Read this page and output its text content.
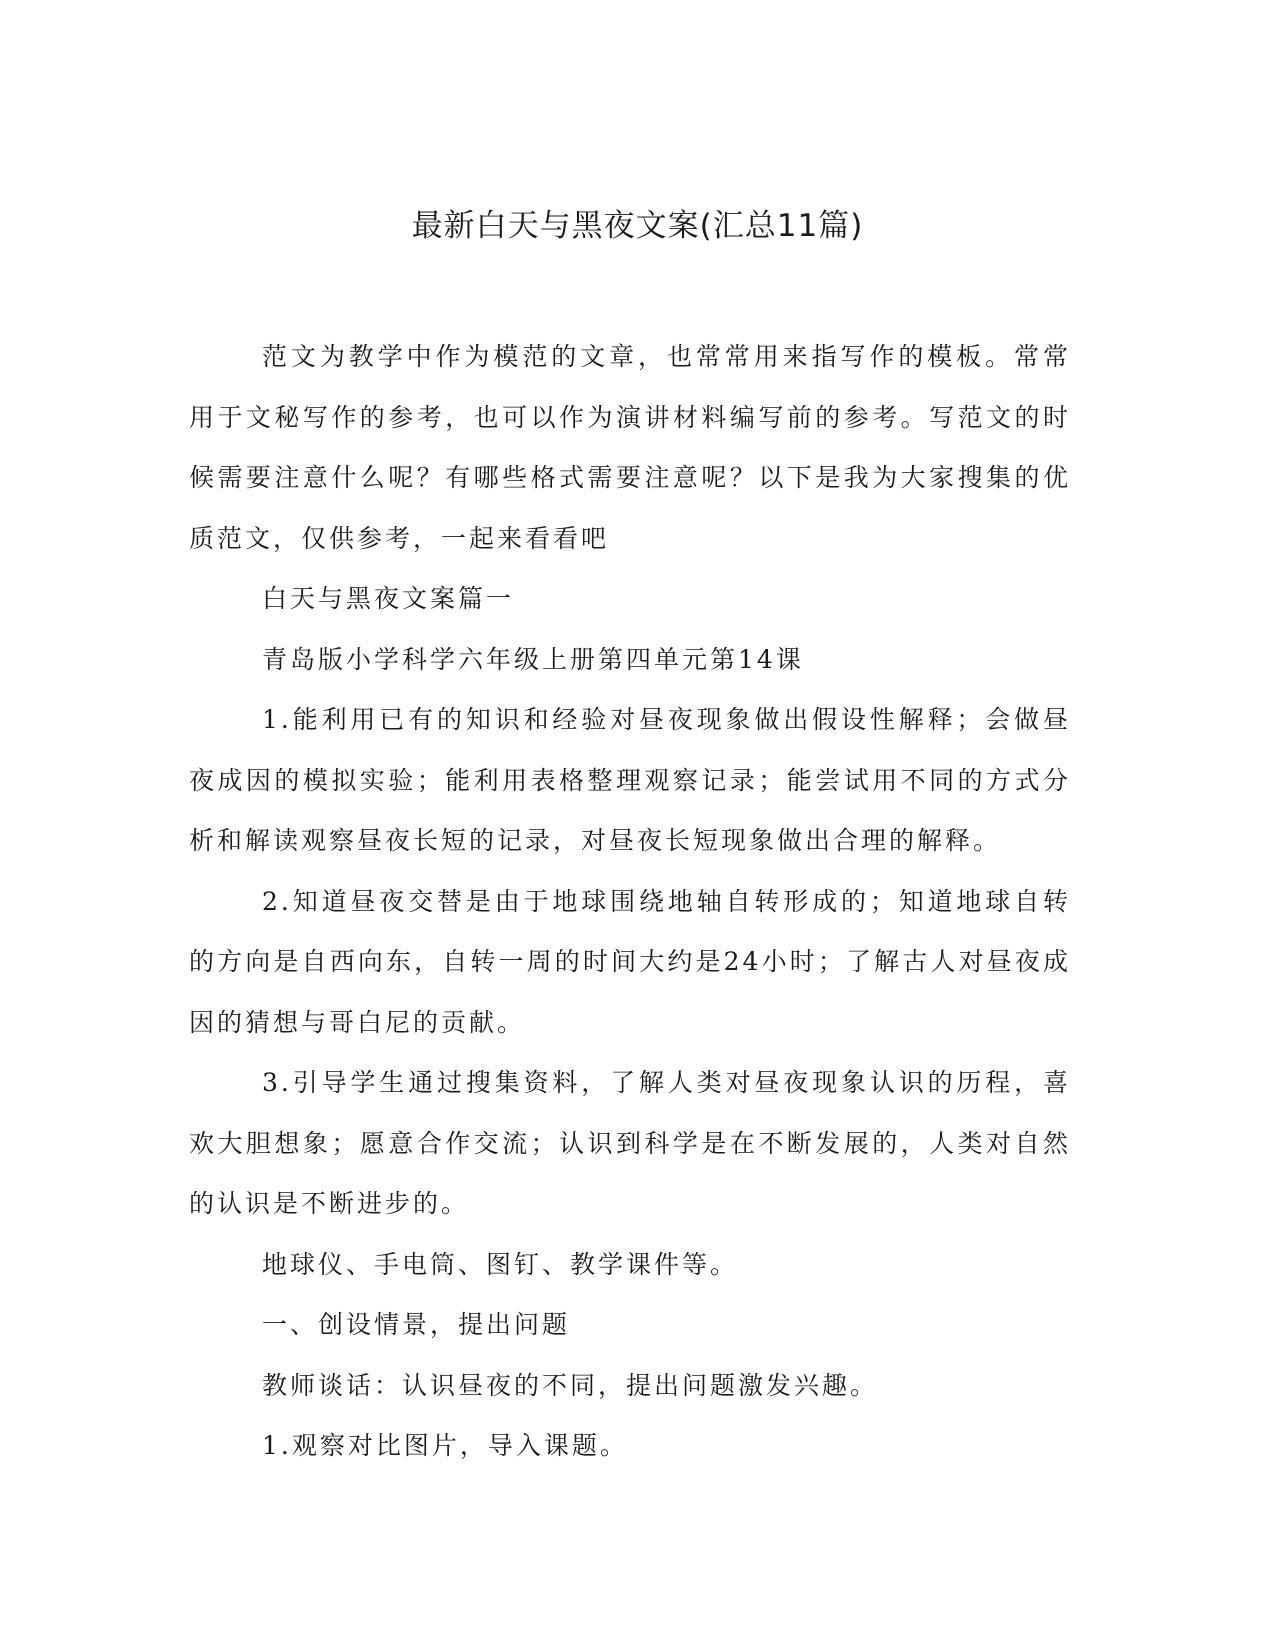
最新白天与黑夜文案(汇总11篇)

范文为教学中作为模范的文章，也常常用来指写作的模板。常常用于文秘写作的参考，也可以作为演讲材料编写前的参考。写范文的时候需要注意什么呢？有哪些格式需要注意呢？以下是我为大家搜集的优质范文，仅供参考，一起来看看吧

白天与黑夜文案篇一

青岛版小学科学六年级上册第四单元第14课

1.能利用已有的知识和经验对昼夜现象做出假设性解释；会做昼夜成因的模拟实验；能利用表格整理观察记录；能尝试用不同的方式分析和解读观察昼夜长短的记录，对昼夜长短现象做出合理的解释。

2.知道昼夜交替是由于地球围绕地轴自转形成的；知道地球自转的方向是自西向东，自转一周的时间大约是24小时；了解古人对昼夜成因的猜想与哥白尼的贡献。

3.引导学生通过搜集资料，了解人类对昼夜现象认识的历程，喜欢大胆想象；愿意合作交流；认识到科学是在不断发展的，人类对自然的认识是不断进步的。

地球仪、手电筒、图钉、教学课件等。

一、创设情景，提出问题

教师谈话：认识昼夜的不同，提出问题激发兴趣。

1.观察对比图片，导入课题。
